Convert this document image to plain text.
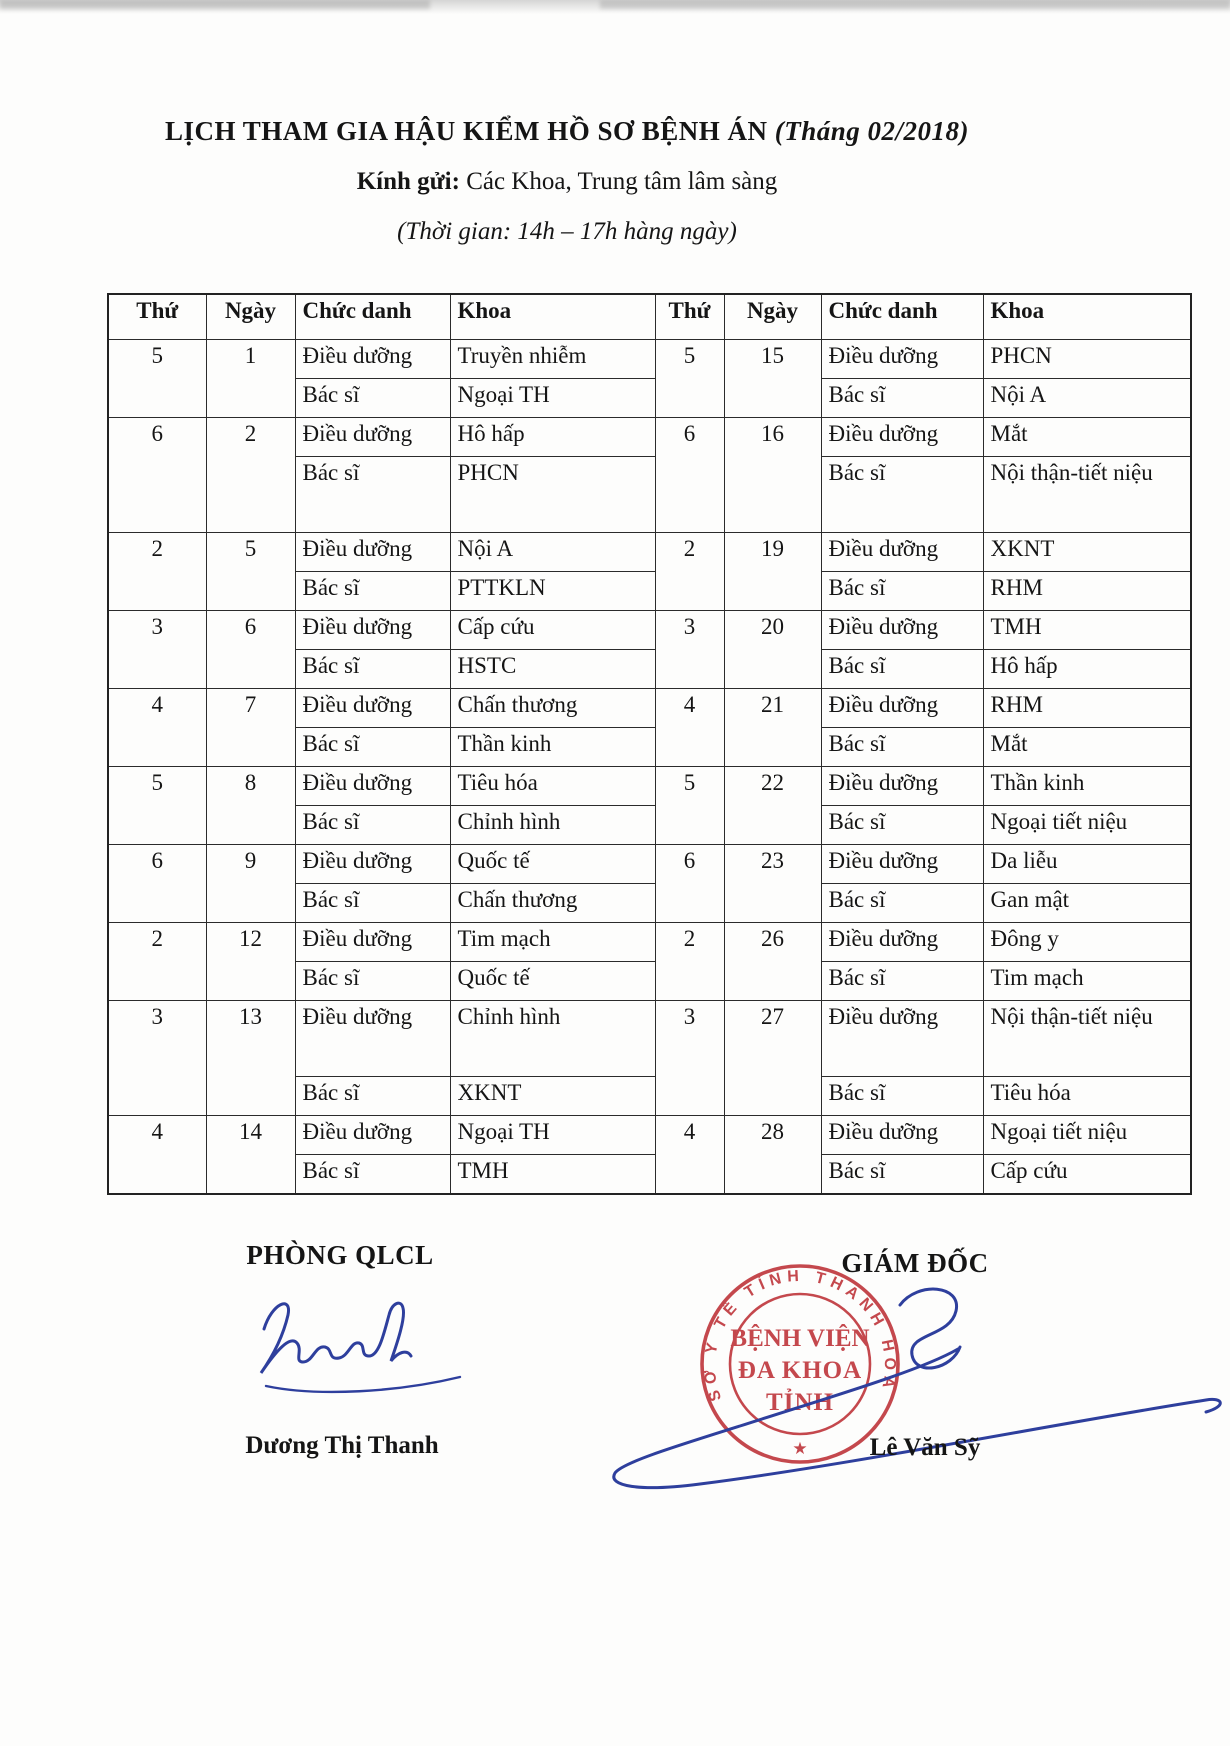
LỊCH THAM GIA HẬU KIỂM HỒ SƠ BỆNH ÁN (Tháng 02/2018)
Kính gửi: Các Khoa, Trung tâm lâm sàng
(Thời gian: 14h – 17h hàng ngày)
Thứ	Ngày	Chức danh	Khoa	Thứ	Ngày	Chức danh	Khoa
5	1	Điều dưỡng	Truyền nhiễm	5	15	Điều dưỡng	PHCN
		Bác sĩ	Ngoại TH			Bác sĩ	Nội A
6	2	Điều dưỡng	Hô hấp	6	16	Điều dưỡng	Mắt
		Bác sĩ	PHCN			Bác sĩ	Nội thận-tiết niệu
2	5	Điều dưỡng	Nội A	2	19	Điều dưỡng	XKNT
		Bác sĩ	PTTKLN			Bác sĩ	RHM
3	6	Điều dưỡng	Cấp cứu	3	20	Điều dưỡng	TMH
		Bác sĩ	HSTC			Bác sĩ	Hô hấp
4	7	Điều dưỡng	Chấn thương	4	21	Điều dưỡng	RHM
		Bác sĩ	Thần kinh			Bác sĩ	Mắt
5	8	Điều dưỡng	Tiêu hóa	5	22	Điều dưỡng	Thần kinh
		Bác sĩ	Chỉnh hình			Bác sĩ	Ngoại tiết niệu
6	9	Điều dưỡng	Quốc tế	6	23	Điều dưỡng	Da liễu
		Bác sĩ	Chấn thương			Bác sĩ	Gan mật
2	12	Điều dưỡng	Tim mạch	2	26	Điều dưỡng	Đông y
		Bác sĩ	Quốc tế			Bác sĩ	Tim mạch
3	13	Điều dưỡng	Chỉnh hình	3	27	Điều dưỡng	Nội thận-tiết niệu
		Bác sĩ	XKNT			Bác sĩ	Tiêu hóa
4	14	Điều dưỡng	Ngoại TH	4	28	Điều dưỡng	Ngoại tiết niệu
		Bác sĩ	TMH			Bác sĩ	Cấp cứu
PHÒNG QLCL	GIÁM ĐỐC
SỞ Y TẾ TỈNH THANH HOÁ
★
BỆNH VIỆN
ĐA KHOA
TỈNH
Dương Thị Thanh	Lê Văn Sỹ
